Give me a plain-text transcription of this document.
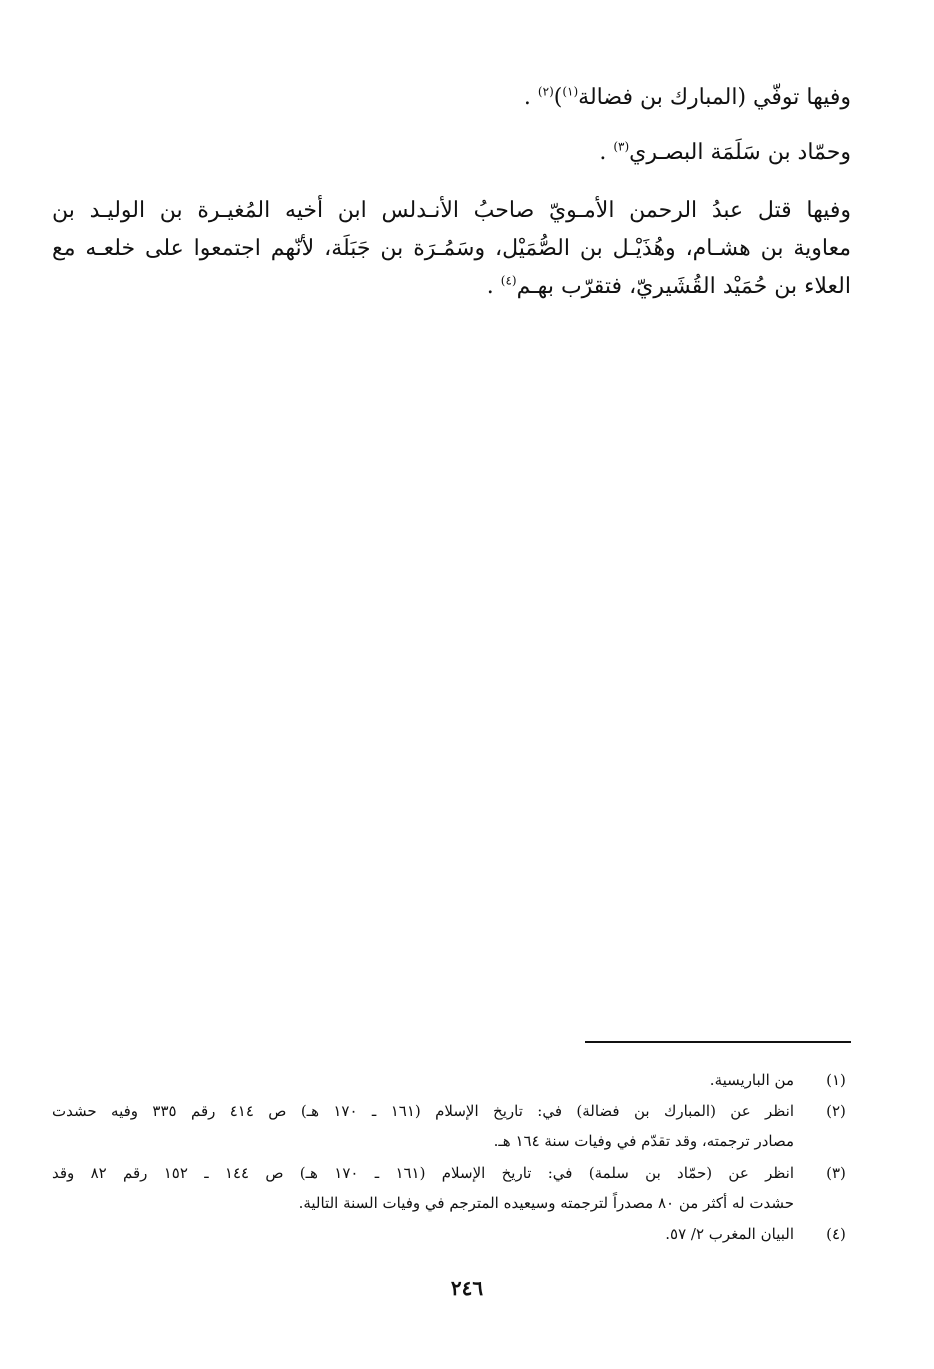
وفيها توفّي (المبارك بن فضالة$^{(١)}$)$^{(٢)}$ .
وحمّاد بن سَلَمَة البصـري$^{(٣)}$ .
وفيها قتل عبدُ الرحمن الأمـويّ صاحبُ الأنـدلس ابن أخيه المُغيـرة بن الوليـد بن
معاوية بن هشـام، وهُذَيْـل بن الصُّمَيْل، وسَمُـرَة بن جَبَلَة، لأنّهم اجتمعوا على خلعـه مع
العلاء بن حُمَيْد القُشَيريّ، فتقرّب بهـم$^{(٤)}$ .
(١)
من الباريسية.
(٢)
انظر عن (المبارك بن فضالة) في: تاريخ الإسلام (١٦١ ـ ١٧٠ هـ) ص ٤١٤ رقم ٣٣٥ وفيه حشدت
مصادر ترجمته، وقد تقدّم في وفيات سنة ١٦٤ هـ.
(٣)
انظر عن (حمّاد بن سلمة) في: تاريخ الإسلام (١٦١ ـ ١٧٠ هـ) ص ١٤٤ ـ ١٥٢ رقم ٨٢ وقد
حشدت له أكثر من ٨٠ مصدراً لترجمته وسيعيده المترجم في وفيات السنة التالية.
(٤)
البيان المغرب ٢/ ٥٧.
٢٤٦
